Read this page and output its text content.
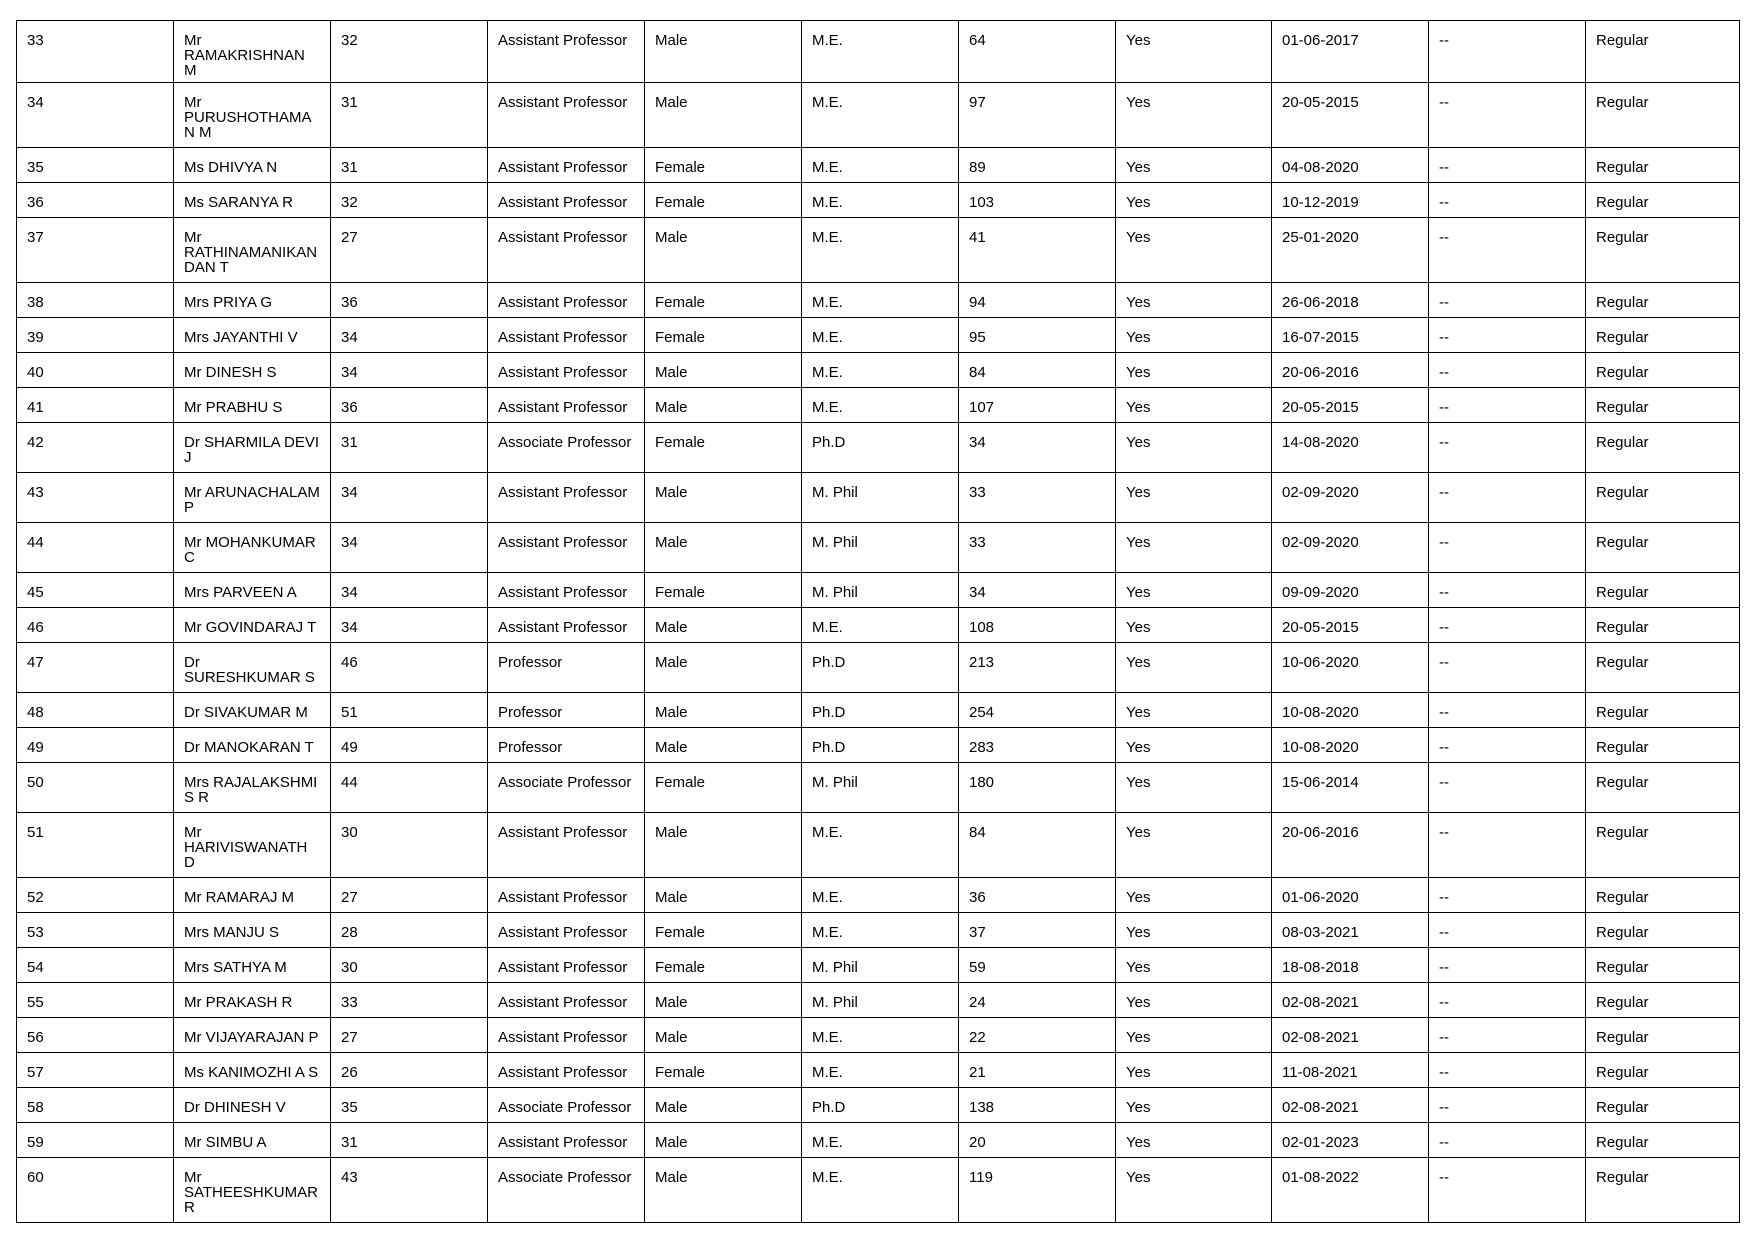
33	Mr RAMAKRISHNAN M	32	Assistant Professor	Male	M.E.	64	Yes	01-06-2017	--	Regular
34	Mr PURUSHOTHAMAN M	31	Assistant Professor	Male	M.E.	97	Yes	20-05-2015	--	Regular
35	Ms DHIVYA N	31	Assistant Professor	Female	M.E.	89	Yes	04-08-2020	--	Regular
36	Ms SARANYA R	32	Assistant Professor	Female	M.E.	103	Yes	10-12-2019	--	Regular
37	Mr RATHINAMANIKANDAN T	27	Assistant Professor	Male	M.E.	41	Yes	25-01-2020	--	Regular
38	Mrs PRIYA G	36	Assistant Professor	Female	M.E.	94	Yes	26-06-2018	--	Regular
39	Mrs JAYANTHI V	34	Assistant Professor	Female	M.E.	95	Yes	16-07-2015	--	Regular
40	Mr DINESH S	34	Assistant Professor	Male	M.E.	84	Yes	20-06-2016	--	Regular
41	Mr PRABHU S	36	Assistant Professor	Male	M.E.	107	Yes	20-05-2015	--	Regular
42	Dr SHARMILA DEVI J	31	Associate Professor	Female	Ph.D	34	Yes	14-08-2020	--	Regular
43	Mr ARUNACHALAM P	34	Assistant Professor	Male	M. Phil	33	Yes	02-09-2020	--	Regular
44	Mr MOHANKUMAR C	34	Assistant Professor	Male	M. Phil	33	Yes	02-09-2020	--	Regular
45	Mrs PARVEEN A	34	Assistant Professor	Female	M. Phil	34	Yes	09-09-2020	--	Regular
46	Mr GOVINDARAJ T	34	Assistant Professor	Male	M.E.	108	Yes	20-05-2015	--	Regular
47	Dr SURESHKUMAR S	46	Professor	Male	Ph.D	213	Yes	10-06-2020	--	Regular
48	Dr SIVAKUMAR M	51	Professor	Male	Ph.D	254	Yes	10-08-2020	--	Regular
49	Dr MANOKARAN T	49	Professor	Male	Ph.D	283	Yes	10-08-2020	--	Regular
50	Mrs RAJALAKSHMI S R	44	Associate Professor	Female	M. Phil	180	Yes	15-06-2014	--	Regular
51	Mr HARIVISWANATH D	30	Assistant Professor	Male	M.E.	84	Yes	20-06-2016	--	Regular
52	Mr RAMARAJ M	27	Assistant Professor	Male	M.E.	36	Yes	01-06-2020	--	Regular
53	Mrs MANJU S	28	Assistant Professor	Female	M.E.	37	Yes	08-03-2021	--	Regular
54	Mrs SATHYA M	30	Assistant Professor	Female	M. Phil	59	Yes	18-08-2018	--	Regular
55	Mr PRAKASH R	33	Assistant Professor	Male	M. Phil	24	Yes	02-08-2021	--	Regular
56	Mr VIJAYARAJAN P	27	Assistant Professor	Male	M.E.	22	Yes	02-08-2021	--	Regular
57	Ms KANIMOZHI A S	26	Assistant Professor	Female	M.E.	21	Yes	11-08-2021	--	Regular
58	Dr DHINESH V	35	Associate Professor	Male	Ph.D	138	Yes	02-08-2021	--	Regular
59	Mr SIMBU A	31	Assistant Professor	Male	M.E.	20	Yes	02-01-2023	--	Regular
60	Mr SATHEESHKUMAR R	43	Associate Professor	Male	M.E.	119	Yes	01-08-2022	--	Regular
